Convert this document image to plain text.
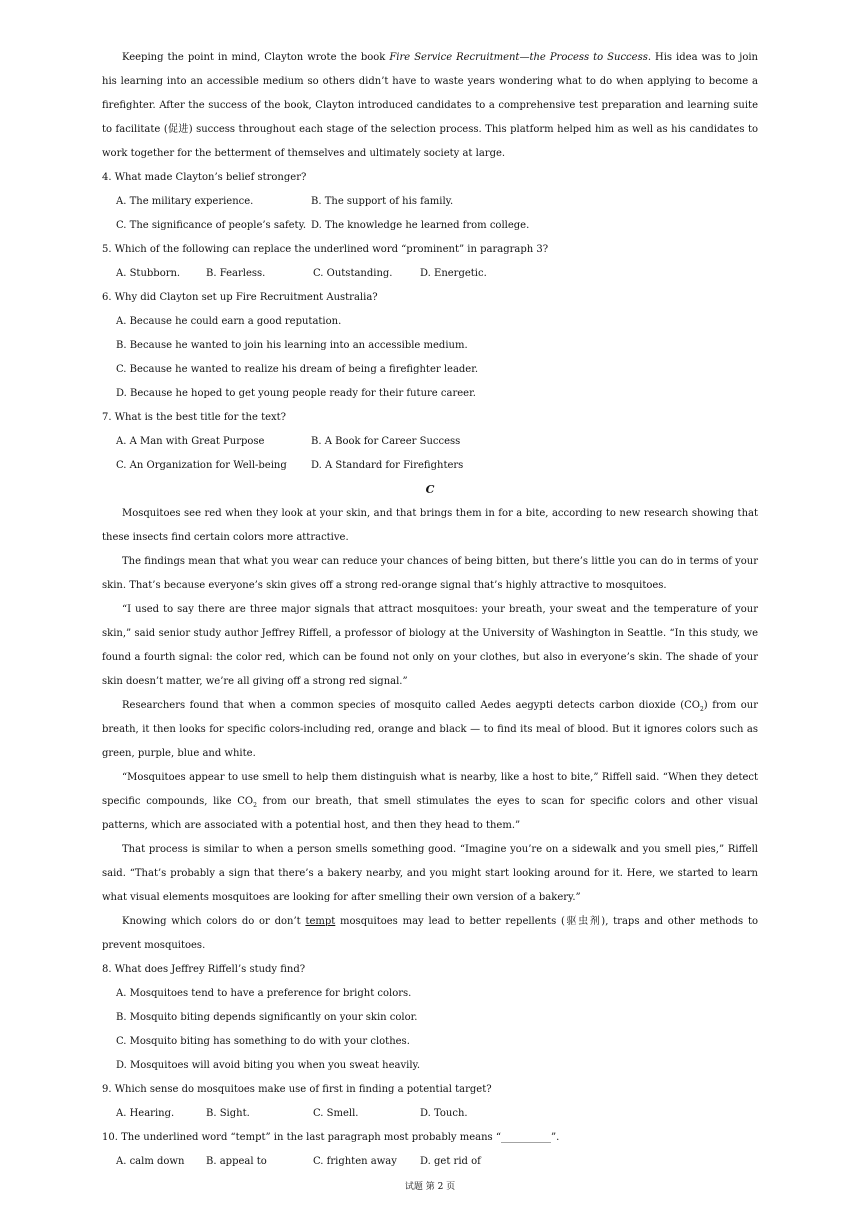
Keeping the point in mind, Clayton wrote the book Fire Service Recruitment—the Process to Success. His idea was to join his learning into an accessible medium so others didn’t have to waste years wondering what to do when applying to become a firefighter. After the success of the book, Clayton introduced candidates to a comprehensive test preparation and learning suite to facilitate (促进) success throughout each stage of the selection process. This platform helped him as well as his candidates to work together for the betterment of themselves and ultimately society at large.

4. What made Clayton’s belief stronger?

A. The military experience.	B. The support of his family.
C. The significance of people’s safety. D. The knowledge he learned from college.

5. Which of the following can replace the underlined word “prominent” in paragraph 3?

A. Stubborn.	B. Fearless.	C. Outstanding.	D. Energetic.

6. Why did Clayton set up Fire Recruitment Australia?

A. Because he could earn a good reputation.
B. Because he wanted to join his learning into an accessible medium.
C. Because he wanted to realize his dream of being a firefighter leader.
D. Because he hoped to get young people ready for their future career.

7. What is the best title for the text?

A. A Man with Great Purpose	B. A Book for Career Success
C. An Organization for Well-being	D. A Standard for Firefighters

C

Mosquitoes see red when they look at your skin, and that brings them in for a bite, according to new research showing that these insects find certain colors more attractive.

The findings mean that what you wear can reduce your chances of being bitten, but there’s little you can do in terms of your skin. That’s because everyone’s skin gives off a strong red-orange signal that’s highly attractive to mosquitoes.

“I used to say there are three major signals that attract mosquitoes: your breath, your sweat and the temperature of your skin,” said senior study author Jeffrey Riffell, a professor of biology at the University of Washington in Seattle. “In this study, we found a fourth signal: the color red, which can be found not only on your clothes, but also in everyone’s skin. The shade of your skin doesn’t matter, we’re all giving off a strong red signal.”

Researchers found that when a common species of mosquito called Aedes aegypti detects carbon dioxide $(CO_2)$ from our breath, it then looks for specific colors-including red, orange and black — to find its meal of blood. But it ignores colors such as green, purple, blue and white.

“Mosquitoes appear to use smell to help them distinguish what is nearby, like a host to bite,” Riffell said. “When they detect specific compounds, like $CO_2$ from our breath, that smell stimulates the eyes to scan for specific colors and other visual patterns, which are associated with a potential host, and then they head to them.”

That process is similar to when a person smells something good. “Imagine you’re on a sidewalk and you smell pies,” Riffell said. “That’s probably a sign that there’s a bakery nearby, and you might start looking around for it. Here, we started to learn what visual elements mosquitoes are looking for after smelling their own version of a bakery.”

Knowing which colors do or don’t tempt mosquitoes may lead to better repellents (驱虫剂), traps and other methods to prevent mosquitoes.

8. What does Jeffrey Riffell’s study find?

A. Mosquitoes tend to have a preference for bright colors.
B. Mosquito biting depends significantly on your skin color.
C. Mosquito biting has something to do with your clothes.
D. Mosquitoes will avoid biting you when you sweat heavily.

9. Which sense do mosquitoes make use of first in finding a potential target?

A. Hearing.	B. Sight.	C. Smell.	D. Touch.

10. The underlined word “tempt” in the last paragraph most probably means “__________”.

A. calm down	B. appeal to	C. frighten away	D. get rid of
试题 第 2 页
